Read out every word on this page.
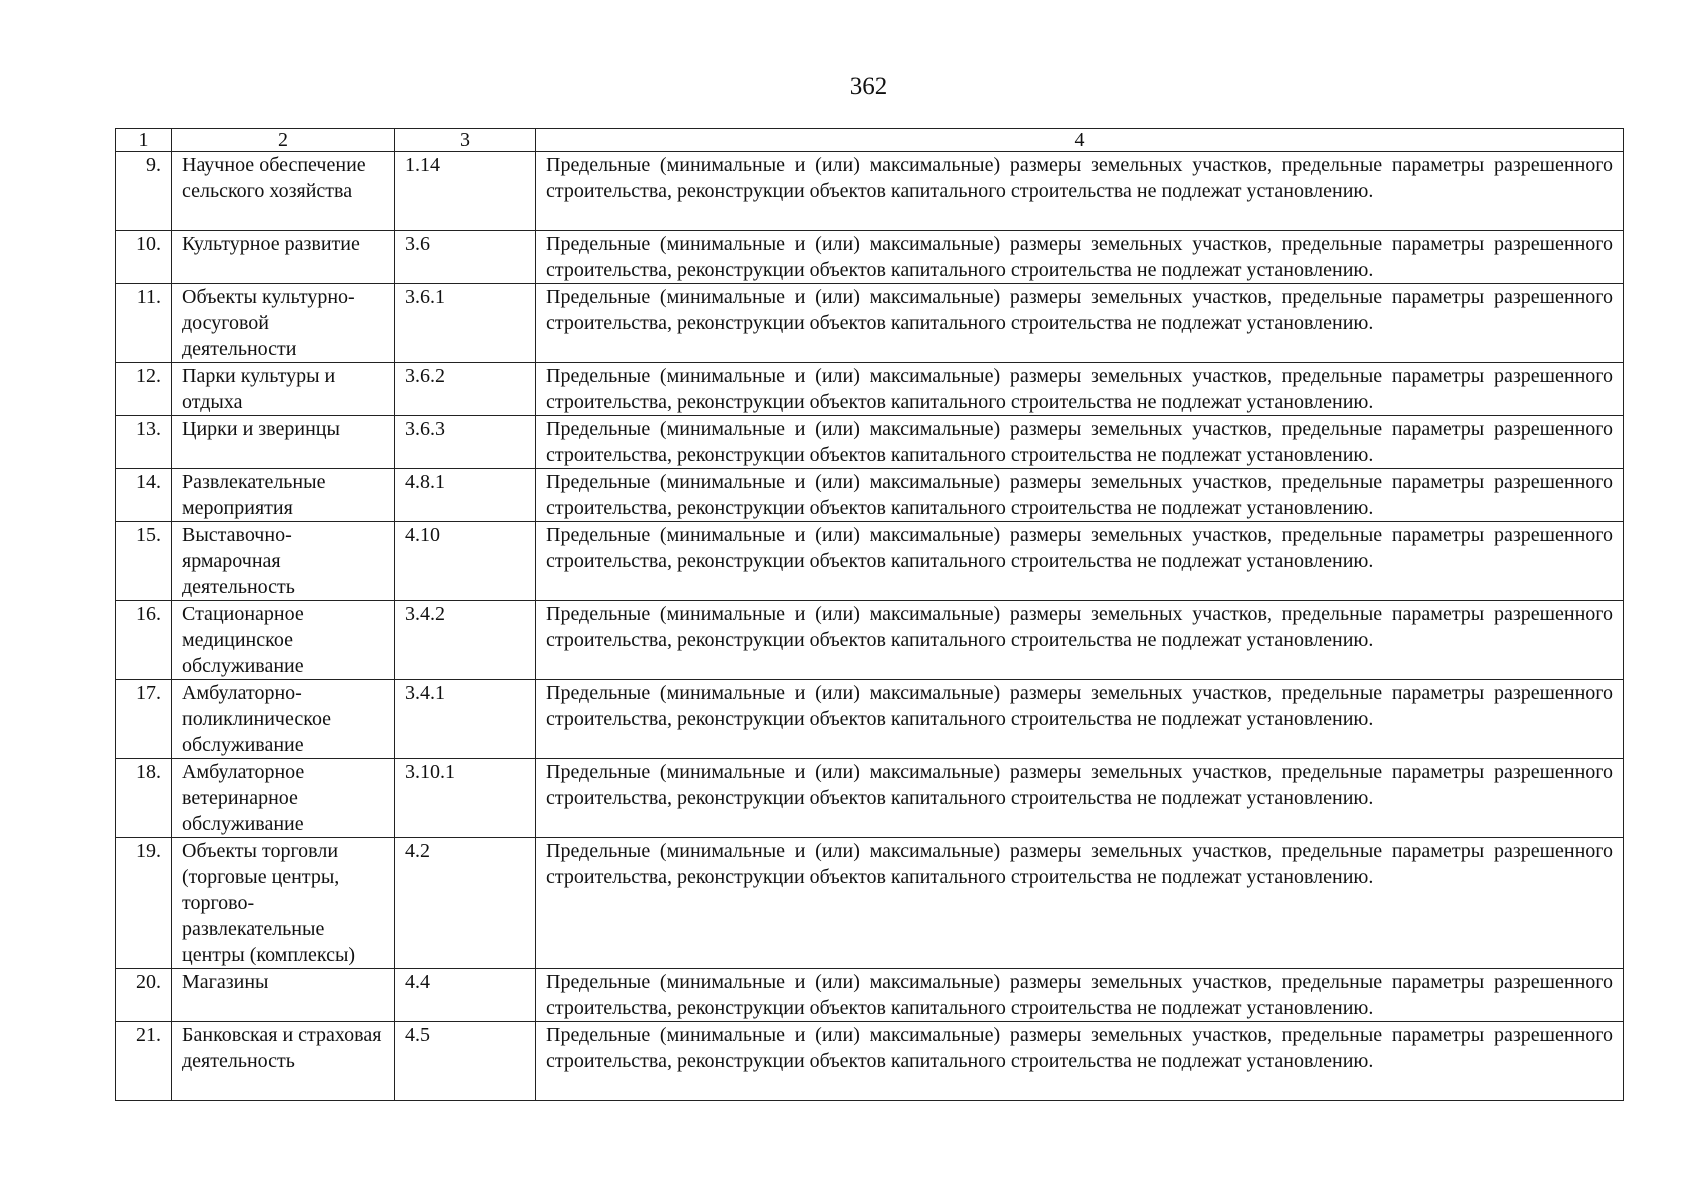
362
1	2	3	4
9.	Научное обеспечение сельского хозяйства	1.14	Предельные (минимальные и (или) максимальные) размеры земельных участков, предельные параметры разрешенного строительства, реконструкции объектов капитального строительства не подлежат установлению.
10.	Культурное развитие	3.6	Предельные (минимальные и (или) максимальные) размеры земельных участков, предельные параметры разрешенного строительства, реконструкции объектов капитального строительства не подлежат установлению.
11.	Объекты культурно-досуговой деятельности	3.6.1	Предельные (минимальные и (или) максимальные) размеры земельных участков, предельные параметры разрешенного строительства, реконструкции объектов капитального строительства не подлежат установлению.
12.	Парки культуры и отдыха	3.6.2	Предельные (минимальные и (или) максимальные) размеры земельных участков, предельные параметры разрешенного строительства, реконструкции объектов капитального строительства не подлежат установлению.
13.	Цирки и зверинцы	3.6.3	Предельные (минимальные и (или) максимальные) размеры земельных участков, предельные параметры разрешенного строительства, реконструкции объектов капитального строительства не подлежат установлению.
14.	Развлекательные мероприятия	4.8.1	Предельные (минимальные и (или) максимальные) размеры земельных участков, предельные параметры разрешенного строительства, реконструкции объектов капитального строительства не подлежат установлению.
15.	Выставочно-ярмарочная деятельность	4.10	Предельные (минимальные и (или) максимальные) размеры земельных участков, предельные параметры разрешенного строительства, реконструкции объектов капитального строительства не подлежат установлению.
16.	Стационарное медицинское обслуживание	3.4.2	Предельные (минимальные и (или) максимальные) размеры земельных участков, предельные параметры разрешенного строительства, реконструкции объектов капитального строительства не подлежат установлению.
17.	Амбулаторно-поликлиническое обслуживание	3.4.1	Предельные (минимальные и (или) максимальные) размеры земельных участков, предельные параметры разрешенного строительства, реконструкции объектов капитального строительства не подлежат установлению.
18.	Амбулаторное ветеринарное обслуживание	3.10.1	Предельные (минимальные и (или) максимальные) размеры земельных участков, предельные параметры разрешенного строительства, реконструкции объектов капитального строительства не подлежат установлению.
19.	Объекты торговли (торговые центры, торгово-развлекательные центры (комплексы)	4.2	Предельные (минимальные и (или) максимальные) размеры земельных участков, предельные параметры разрешенного строительства, реконструкции объектов капитального строительства не подлежат установлению.
20.	Магазины	4.4	Предельные (минимальные и (или) максимальные) размеры земельных участков, предельные параметры разрешенного строительства, реконструкции объектов капитального строительства не подлежат установлению.
21.	Банковская и страховая деятельность	4.5	Предельные (минимальные и (или) максимальные) размеры земельных участков, предельные параметры разрешенного строительства, реконструкции объектов капитального строительства не подлежат установлению.
